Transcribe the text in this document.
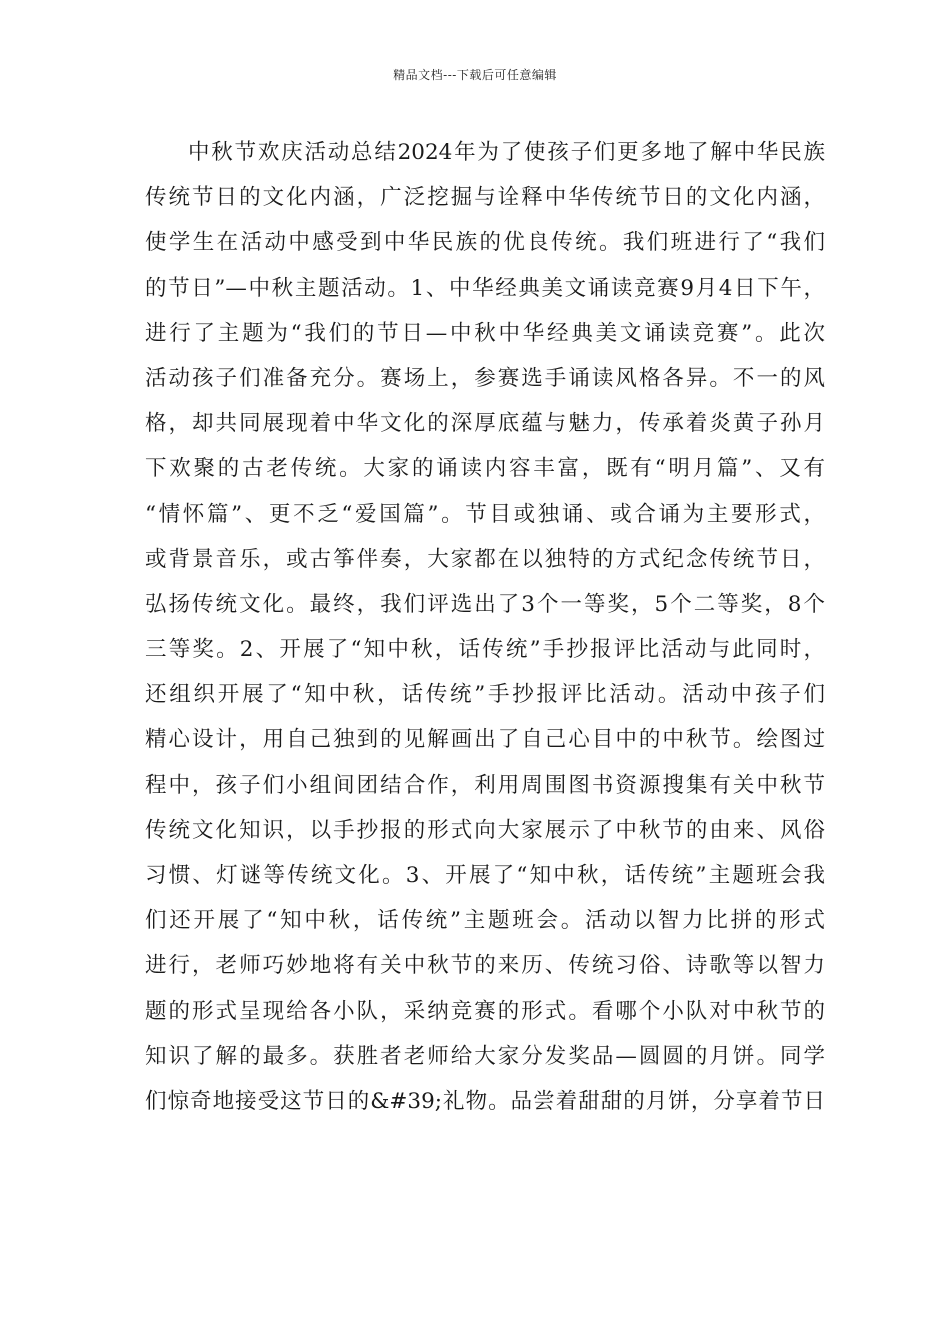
精品文档---下载后可任意编辑
中秋节欢庆活动总结2024年为了使孩子们更多地了解中华民族
传统节日的文化内涵，广泛挖掘与诠释中华传统节日的文化内涵，
使学生在活动中感受到中华民族的优良传统。我们班进行了“我们
的节日”—中秋主题活动。1、中华经典美文诵读竞赛9月4日下午，
进行了主题为“我们的节日—中秋中华经典美文诵读竞赛”。此次
活动孩子们准备充分。赛场上，参赛选手诵读风格各异。不一的风
格，却共同展现着中华文化的深厚底蕴与魅力，传承着炎黄子孙月
下欢聚的古老传统。大家的诵读内容丰富，既有“明月篇”、又有
“情怀篇”、更不乏“爱国篇”。节目或独诵、或合诵为主要形式，
或背景音乐，或古筝伴奏，大家都在以独特的方式纪念传统节日，
弘扬传统文化。最终，我们评选出了3个一等奖，5个二等奖，8个
三等奖。2、开展了“知中秋，话传统”手抄报评比活动与此同时，
还组织开展了“知中秋，话传统”手抄报评比活动。活动中孩子们
精心设计，用自己独到的见解画出了自己心目中的中秋节。绘图过
程中，孩子们小组间团结合作，利用周围图书资源搜集有关中秋节
传统文化知识，以手抄报的形式向大家展示了中秋节的由来、风俗
习惯、灯谜等传统文化。3、开展了“知中秋，话传统”主题班会我
们还开展了“知中秋，话传统”主题班会。活动以智力比拼的形式
进行，老师巧妙地将有关中秋节的来历、传统习俗、诗歌等以智力
题的形式呈现给各小队，采纳竞赛的形式。看哪个小队对中秋节的
知识了解的最多。获胜者老师给大家分发奖品—圆圆的月饼。同学
们惊奇地接受这节日的&#39;礼物。品尝着甜甜的月饼，分享着节日
